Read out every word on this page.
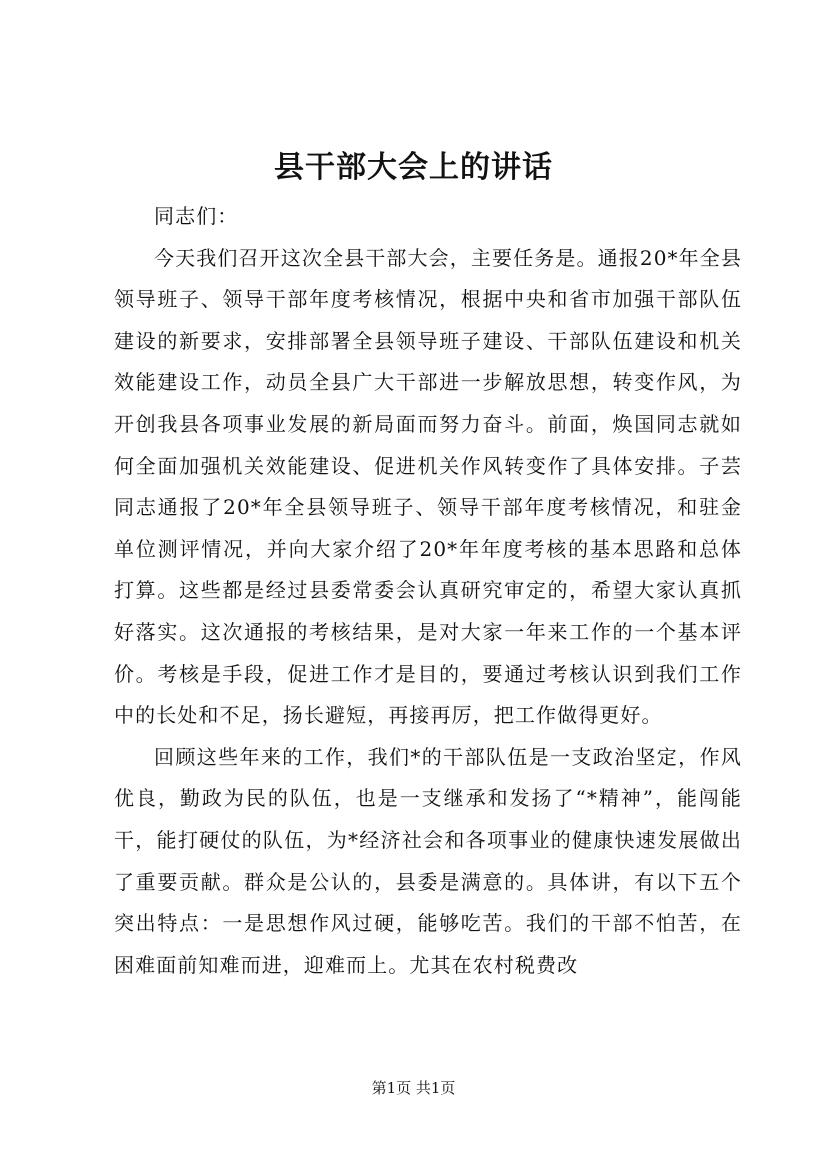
县干部大会上的讲话

同志们：

今天我们召开这次全县干部大会，主要任务是。通报20*年全县领导班子、领导干部年度考核情况，根据中央和省市加强干部队伍建设的新要求，安排部署全县领导班子建设、干部队伍建设和机关效能建设工作，动员全县广大干部进一步解放思想，转变作风，为开创我县各项事业发展的新局面而努力奋斗。前面，焕国同志就如何全面加强机关效能建设、促进机关作风转变作了具体安排。子芸同志通报了20*年全县领导班子、领导干部年度考核情况，和驻金单位测评情况，并向大家介绍了20*年年度考核的基本思路和总体打算。这些都是经过县委常委会认真研究审定的，希望大家认真抓好落实。这次通报的考核结果，是对大家一年来工作的一个基本评价。考核是手段，促进工作才是目的，要通过考核认识到我们工作中的长处和不足，扬长避短，再接再厉，把工作做得更好。

回顾这些年来的工作，我们*的干部队伍是一支政治坚定，作风优良，勤政为民的队伍，也是一支继承和发扬了“*精神”，能闯能干，能打硬仗的队伍，为*经济社会和各项事业的健康快速发展做出了重要贡献。群众是公认的，县委是满意的。具体讲，有以下五个突出特点：一是思想作风过硬，能够吃苦。我们的干部不怕苦，在困难面前知难而进，迎难而上。尤其在农村税费改

第1页 共1页
